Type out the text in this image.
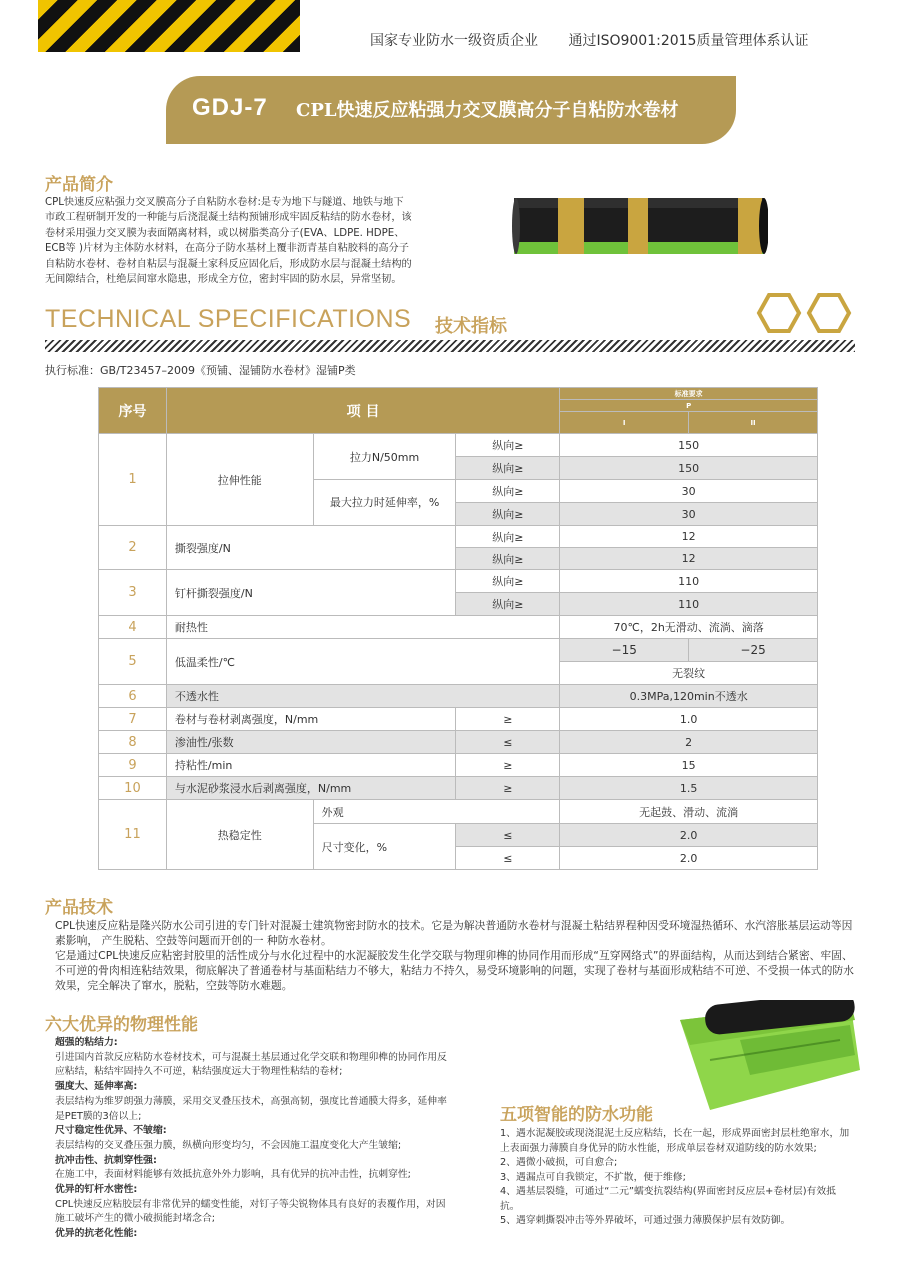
国家专业防水一级资质企业 通过ISO9001:2015质量管理体系认证
GDJ-7 CPL快速反应粘强力交叉膜高分子自粘防水卷材
产品简介
CPL快速反应粘强力交叉膜高分子自粘防水卷材:是专为地下与隧道、地铁与地下市政工程研制开发的一种能与后浇混凝土结构预铺形成牢固反粘结的防水卷材，该卷材采用强力交叉膜为表面隔离材料，或以树脂类高分子(EVA、LDPE. HDPE、ECB等 )片材为主体防水材料，在高分子防水基材上覆非沥青基自粘胶料的高分子自粘防水卷材、卷材自粘层与混凝土家科反应固化后，形成防水层与混凝土结构的无间隙结合，杜绝层间窜水隐患，形成全方位，密封牢固的防水层，异常坚韧。
TECHNICAL SPECIFICATIONS 技术指标
执行标准：GB/T23457–2009《预铺、湿铺防水卷材》湿铺P类
序号	项 目			标准要求	
				P	
				I	II
1	拉伸性能	拉力N/50mm	纵向≥	150	
			纵向≥	150	
		最大拉力时延伸率，%	纵向≥	30	
			纵向≥	30	
2	撕裂强度/N		纵向≥	12	
			纵向≥	12	
3	钉杆撕裂强度/N		纵向≥	110	
			纵向≥	110	
4	耐热性			70℃，2h无滑动、流淌、滴落	
5	低温柔性/℃			−15	−25
				无裂纹	
6	不透水性			0.3MPa,120min不透水	
7	卷材与卷材剥离强度，N/mm		≥	1.0	
8	渗油性/张数		≤	2	
9	持粘性/min		≥	15	
10	与水泥砂浆浸水后剥离强度，N/mm		≥	1.5	
11	热稳定性	外观		无起鼓、滑动、流淌	
		尺寸变化，%	≤	2.0	
			≤	2.0	
产品技术
CPL快速反应粘是隆兴防水公司引进的专门针对混凝士建筑物密封防水的技术。它是为解决普通防水卷材与混凝土粘结界程种因受环境湿热循环、水汽溶胀基层运动等因素影响， 产生脱粘、空鼓等问题而开创的一 种防水卷材。
它是通过CPL快速反应粘密封胶里的活性成分与水化过程中的水泥凝胶发生化学交联与物理卯榫的协同作用而形成“互穿网络式”的界面结构，从而达到结合紧密、牢固、不可逆的骨肉相连粘结效果，彻底解决了普通卷材与基面粘结力不够大，粘结力不持久，易受环境影响的问题，实现了卷材与基面形成粘结不可逆、不受损一体式的防水效果，完全解决了窜水，脱粘，空鼓等防水难题。
六大优异的物理性能
超强的粘结力:
引进国内首款反应粘防水卷材技术，可与混凝土基层通过化学交联和物理卯榫的协同作用反应粘结，粘结牢固持久不可逆，粘结强度远大于物理性粘结的卷材;
强度大、延伸率高:
表层结构为维罗朗强力薄膜，采用交叉叠压技术，高强高韧，强度比普通膜大得多，延伸率是PET膜的3倍以上;
尺寸稳定性优异、不皱缩:
表层结构的交叉叠压强力膜，纵横向形变均匀，不会因施工温度变化大产生皱缩;
抗冲击性、抗刺穿性强:
在施工中，表面材料能够有效抵抗意外外力影响，具有优异的抗冲击性，抗刺穿性;
优异的钉杆水密性:
CPL快速反应粘胶层有非常优异的蠕变性能，对钉子等尖锐物体具有良好的表覆作用，对因施工破坏产生的微小破损能封堵念合;
优异的抗老化性能:
五项智能的防水功能
1、遇水泥凝胶或现浇混泥土反应粘结，长在一起，形成界面密封层杜绝窜水，加上表面强力薄膜自身优异的防水性能，形成单层卷材双道防线的防水效果;
2、遇微小破损，可自愈合;
3、遇漏点可自我锁定，不扩散，便于维修;
4、遇基层裂缝，可通过“二元”蠕变抗裂结构(界面密封反应层+卷材层)有效抵抗。
5、遇穿刺撕裂冲击等外界破坏，可通过强力薄膜保护层有效防御。
